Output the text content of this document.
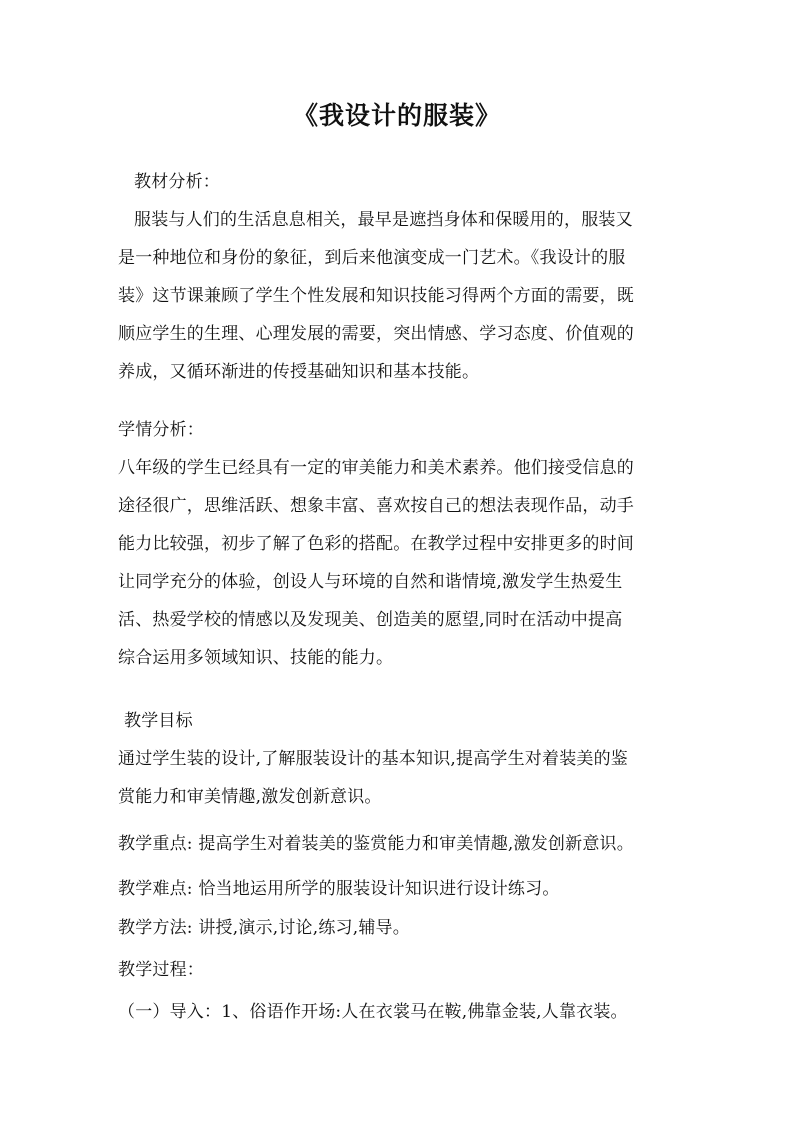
《我设计的服装》

教材分析：

服装与人们的生活息息相关，最早是遮挡身体和保暖用的，服装又
是一种地位和身份的象征，到后来他演变成一门艺术。《我设计的服
装》这节课兼顾了学生个性发展和知识技能习得两个方面的需要，既
顺应学生的生理、心理发展的需要，突出情感、学习态度、价值观的
养成，又循环渐进的传授基础知识和基本技能。

学情分析：

八年级的学生已经具有一定的审美能力和美术素养。他们接受信息的
途径很广，思维活跃、想象丰富、喜欢按自己的想法表现作品，动手
能力比较强，初步了解了色彩的搭配。在教学过程中安排更多的时间
让同学充分的体验，创设人与环境的自然和谐情境,激发学生热爱生
活、热爱学校的情感以及发现美、创造美的愿望,同时在活动中提高
综合运用多领域知识、技能的能力。

教学目标

通过学生装的设计,了解服装设计的基本知识,提高学生对着装美的鉴
赏能力和审美情趣,激发创新意识。

教学重点: 提高学生对着装美的鉴赏能力和审美情趣,激发创新意识。

教学难点: 恰当地运用所学的服装设计知识进行设计练习。

教学方法: 讲授,演示,讨论,练习,辅导。

教学过程：

（一）导入：1、俗语作开场:人在衣裳马在鞍,佛靠金装,人靠衣装。
